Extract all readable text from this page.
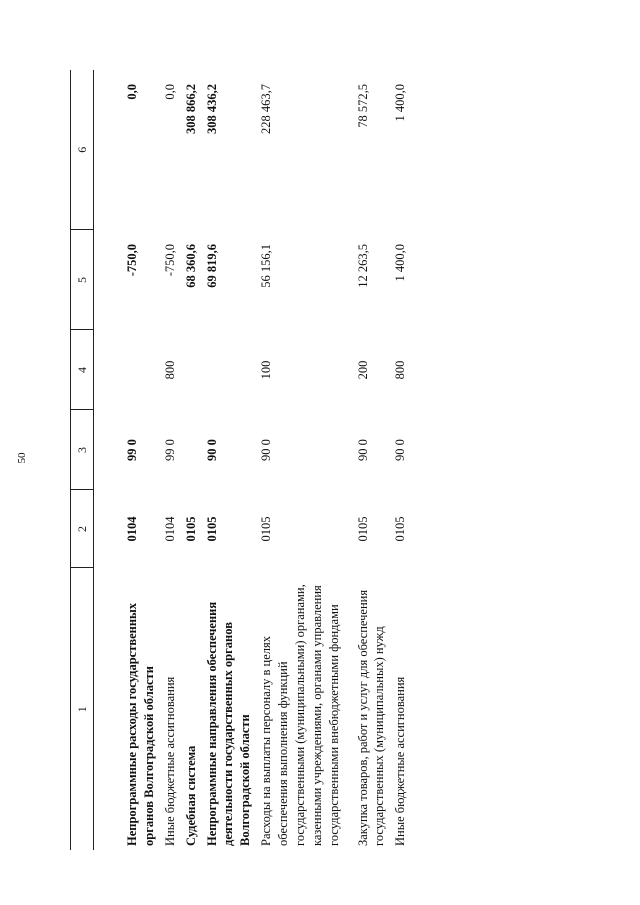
50
1	2	3	4	5	6
Непрограммные расходы государственных органов Волгоградской области	0104	99 0		-750,0	0,0
Иные бюджетные ассигнования	0104	99 0	800	-750,0	0,0
Судебная система	0105			68 360,6	308 866,2
Непрограммные направления обеспечения деятельности государственных органов Волгоградской области	0105	90 0		69 819,6	308 436,2
Расходы на выплаты персоналу в целях обеспечения выполнения функций государственными (муниципальными) органами, казенными учреждениями, органами управления государственными внебюджетными фондами	0105	90 0	100	56 156,1	228 463,7

Закупка товаров, работ и услуг для обеспечения государственных (муниципальных) нужд	0105	90 0	200	12 263,5	78 572,5
Иные бюджетные ассигнования	0105	90 0	800	1 400,0	1 400,0
